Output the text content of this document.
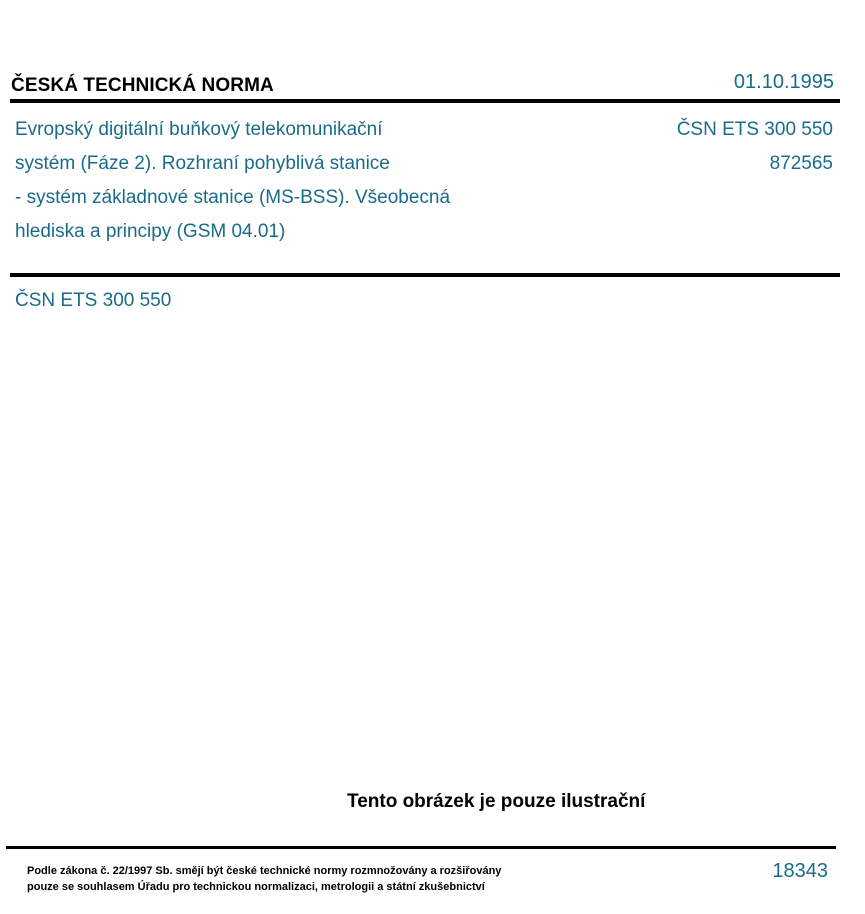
ČESKÁ TECHNICKÁ NORMA	01.10.1995
Evropský digitální buňkový telekomunikační
systém (Fáze 2). Rozhraní pohyblivá stanice
- systém základnové stanice (MS-BSS). Všeobecná
hlediska a principy (GSM 04.01)
ČSN ETS 300 550
872565
ČSN ETS 300 550
Tento obrázek je pouze ilustrační
Podle zákona č. 22/1997 Sb. smějí být české technické normy rozmnožovány a rozšiřovány
pouze se souhlasem Úřadu pro technickou normalizaci, metrologii a státní zkušebnictví
18343
